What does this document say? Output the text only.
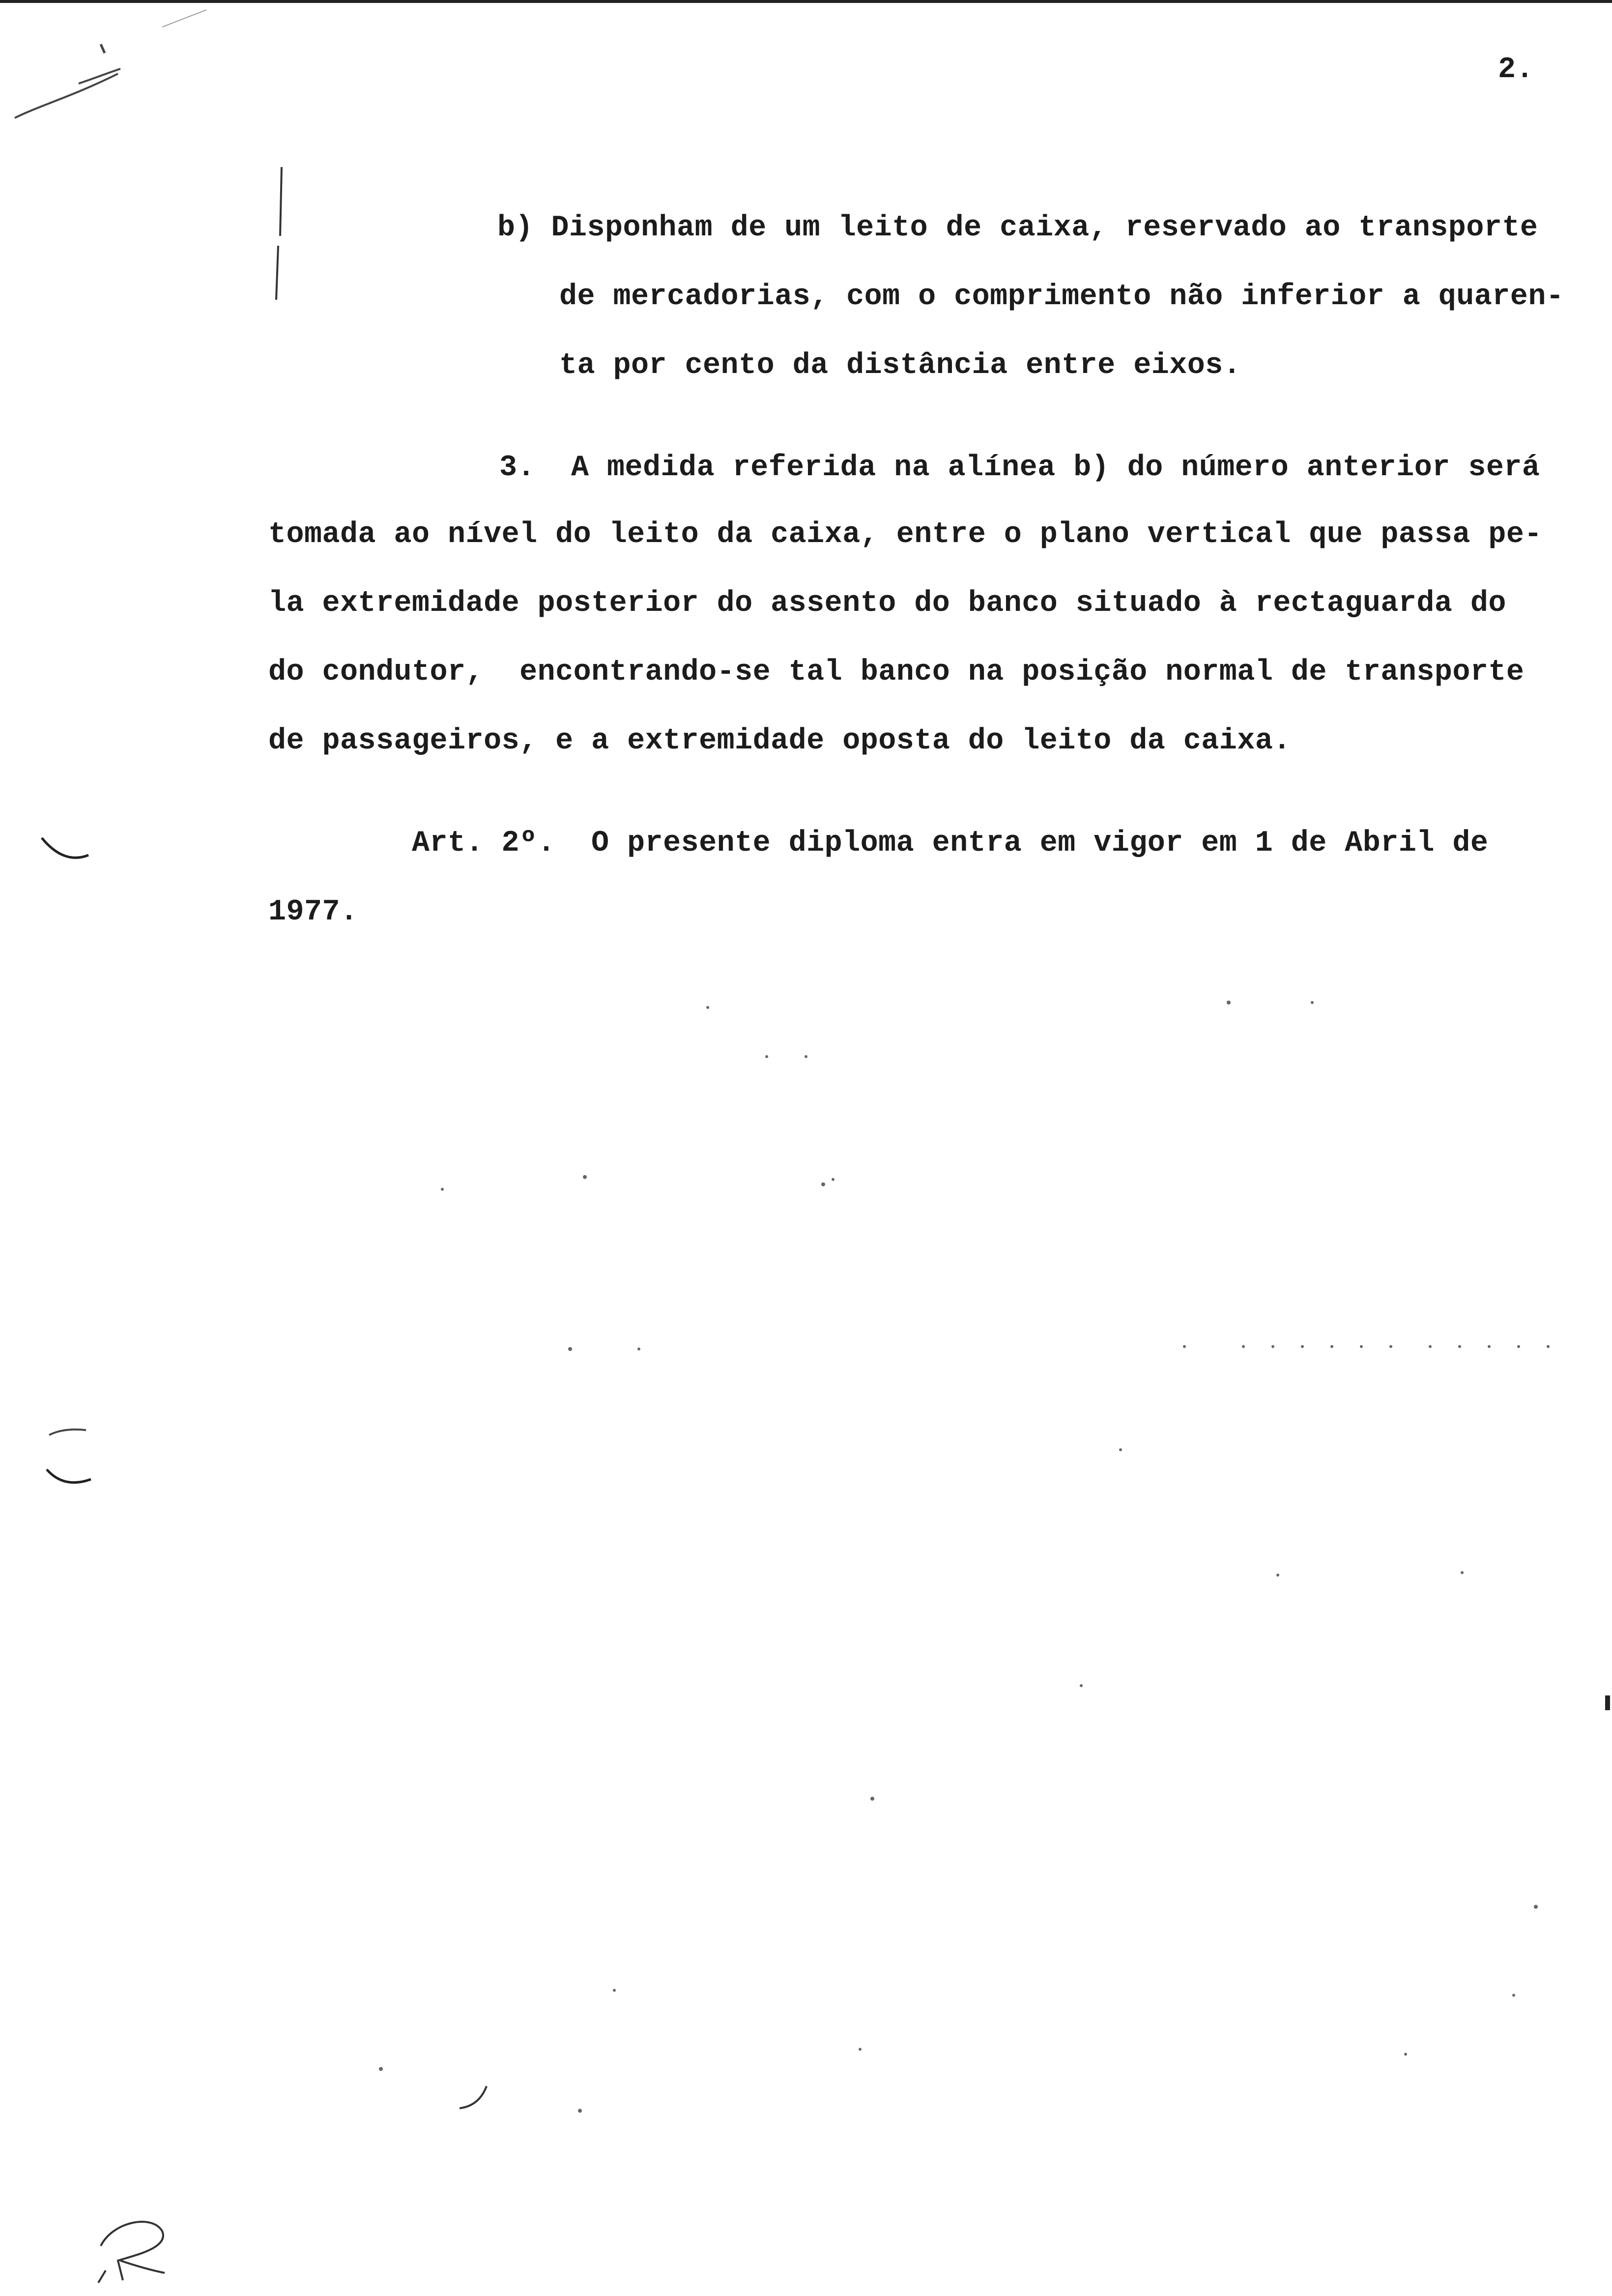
2.
b) Disponham de um leito de caixa, reservado ao transporte
de mercadorias, com o comprimento não inferior a quaren-
ta por cento da distância entre eixos.
3.  A medida referida na alínea b) do número anterior será
tomada ao nível do leito da caixa, entre o plano vertical que passa pe-
la extremidade posterior do assento do banco situado à rectaguarda do
do condutor,  encontrando-se tal banco na posição normal de transporte
de passageiros, e a extremidade oposta do leito da caixa.
Art. 2º.  O presente diploma entra em vigor em 1 de Abril de
1977.
